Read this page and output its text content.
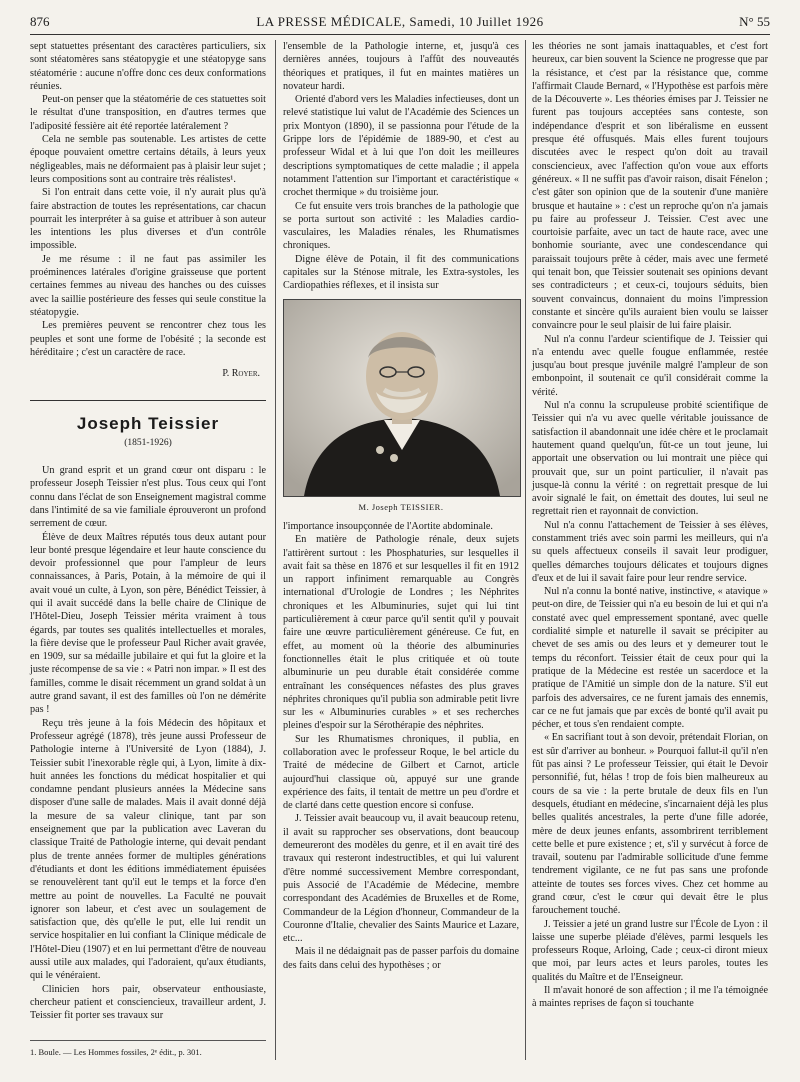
876	LA PRESSE MÉDICALE, Samedi, 10 Juillet 1926	N° 55

sept statuettes présentant des caractères particuliers, six sont stéatomères sans stéatopygie et une stéatopyge sans stéatomérie : aucune n'offre donc ces deux conformations réunies.

Peut-on penser que la stéatomérie de ces statuettes soit le résultat d'une transposition, en d'autres termes que l'adiposité fessière ait été reportée latéralement ?

Cela ne semble pas soutenable. Les artistes de cette époque pouvaient omettre certains détails, à leurs yeux négligeables, mais ne déformaient pas à plaisir leur sujet ; leurs compositions sont au contraire très réalistes¹.

Si l'on entrait dans cette voie, il n'y aurait plus qu'à faire abstraction de toutes les représentations, car chacun pourrait les interpréter à sa guise et attribuer à son auteur les intentions les plus diverses et d'un contrôle impossible.

Je me résume : il ne faut pas assimiler les proéminences latérales d'origine graisseuse que portent certaines femmes au niveau des hanches ou des cuisses avec la saillie postérieure des fesses qui seule constitue la stéatopygie.

Les premières peuvent se rencontrer chez tous les peuples et sont une forme de l'obésité ; la seconde est héréditaire ; c'est un caractère de race.

P. Royer.
Joseph Teissier
(1851-1926)

Un grand esprit et un grand cœur ont disparu : le professeur Joseph Teissier n'est plus. Tous ceux qui l'ont connu dans l'éclat de son Enseignement magistral comme dans l'intimité de sa vie familiale éprouveront un profond serrement de cœur.

Élève de deux Maîtres réputés tous deux autant pour leur bonté presque légendaire et leur haute conscience du devoir professionnel que pour l'ampleur de leurs connaissances, à Paris, Potain, à la mémoire de qui il avait voué un culte, à Lyon, son père, Bénédict Teissier, à qui il avait succédé dans la belle chaire de Clinique de l'Hôtel-Dieu, Joseph Teissier mérita vraiment à tous égards, par toutes ses qualités intellectuelles et morales, la fière devise que le professeur Paul Richer avait gravée, en 1909, sur sa médaille jubilaire et qui fut la gloire et la juste récompense de sa vie : « Patri non impar. » Il est des familles, comme le disait récemment un grand soldat à un autre grand savant, il est des familles où l'on ne démérite pas !

Reçu très jeune à la fois Médecin des hôpitaux et Professeur agrégé (1878), très jeune aussi Professeur de Pathologie interne à l'Université de Lyon (1884), J. Teissier subit l'inexorable règle qui, à Lyon, limite à dix-huit années les fonctions du médicat hospitalier et qui condamne pendant plusieurs années la Médecine sans disposer d'une salle de malades. Mais il avait donné déjà la mesure de sa valeur clinique, tant par son enseignement que par la publication avec Laveran du classique Traité de Pathologie interne, qui devait pendant plus de trente années former de multiples générations d'étudiants et dont les éditions immédiatement épuisées se renouvelèrent tant qu'il eut le temps et la force d'en mettre au point de nouvelles. La Faculté ne pouvait ignorer son labeur, et c'est avec un soulagement de satisfaction que, dès qu'elle le put, elle lui rendit un service hospitalier en lui confiant la Clinique médicale de l'Hôtel-Dieu (1907) et en lui permettant d'être de nouveau aussi utile aux malades, qui l'adoraient, qu'aux étudiants, qui le vénéraient.

Clinicien hors pair, observateur enthousiaste, chercheur patient et consciencieux, travailleur ardent, J. Teissier fit porter ses travaux sur

1. Boule. — Les Hommes fossiles, 2ᵉ édit., p. 301.

l'ensemble de la Pathologie interne, et, jusqu'à ces dernières années, toujours à l'affût des nouveautés théoriques et pratiques, il fut en maintes matières un novateur hardi.

Orienté d'abord vers les Maladies infectieuses, dont un relevé statistique lui valut de l'Académie des Sciences un prix Montyon (1890), il se passionna pour l'étude de la Grippe lors de l'épidémie de 1889-90, et c'est au professeur Widal et à lui que l'on doit les meilleures descriptions symptomatiques de cette maladie ; il appela notamment l'attention sur l'important et caractéristique « crochet thermique » du troisième jour.

Ce fut ensuite vers trois branches de la pathologie que se porta surtout son activité : les Maladies cardio-vasculaires, les Maladies rénales, les Rhumatismes chroniques.

Digne élève de Potain, il fit des communications capitales sur la Sténose mitrale, les Extra-systoles, les Cardiopathies réflexes, et il insista sur

M. Joseph TEISSIER.

l'importance insoupçonnée de l'Aortite abdominale.

En matière de Pathologie rénale, deux sujets l'attirèrent surtout : les Phosphaturies, sur lesquelles il avait fait sa thèse en 1876 et sur lesquelles il fit en 1912 un rapport infiniment remarquable au Congrès international d'Urologie de Londres ; les Néphrites chroniques et les Albuminuries, sujet qui lui tint particulièrement à cœur parce qu'il sentit qu'il y pouvait faire une œuvre particulièrement généreuse. Ce fut, en effet, au moment où la théorie des albuminuries fonctionnelles était le plus critiquée et où toute albuminurie un peu durable était considérée comme entraînant les conséquences néfastes des plus graves néphrites chroniques qu'il publia son admirable petit livre sur les « Albuminuries curables » et ses recherches pleines d'espoir sur la Sérothérapie des néphrites.

Sur les Rhumatismes chroniques, il publia, en collaboration avec le professeur Roque, le bel article du Traité de médecine de Gilbert et Carnot, article aujourd'hui classique où, appuyé sur une grande expérience des faits, il tentait de mettre un peu d'ordre et de clarté dans cette question encore si confuse.

J. Teissier avait beaucoup vu, il avait beaucoup retenu, il avait su rapprocher ses observations, dont beaucoup demeureront des modèles du genre, et il en avait tiré des travaux qui resteront indestructibles, et qui lui valurent d'être nommé successivement Membre correspondant, puis Associé de l'Académie de Médecine, membre correspondant des Académies de Bruxelles et de Rome, Commandeur de la Légion d'honneur, Commandeur de la Couronne d'Italie, chevalier des Saints Maurice et Lazare, etc...

Mais il ne dédaignait pas de passer parfois du domaine des faits dans celui des hypothèses ; or

les théories ne sont jamais inattaquables, et c'est fort heureux, car bien souvent la Science ne progresse que par la résistance, et c'est par la résistance que, comme l'affirmait Claude Bernard, « l'Hypothèse est parfois mère de la Découverte ». Les théories émises par J. Teissier ne furent pas toujours acceptées sans conteste, son indépendance d'esprit et son libéralisme en eussent presque été offusqués. Mais elles furent toujours discutées avec le respect qu'on doit au travail consciencieux, avec l'affection qu'on voue aux efforts généreux. « Il ne suffit pas d'avoir raison, disait Fénelon ; c'est gâter son opinion que de la soutenir d'une manière brusque et hautaine » : c'est un reproche qu'on n'a jamais pu faire au professeur J. Teissier. C'est avec une courtoisie parfaite, avec un tact de haute race, avec une bonhomie souriante, avec une condescendance qui paraissait toujours prête à céder, mais avec une fermeté qui tenait bon, que Teissier soutenait ses opinions devant ses contradicteurs ; et ceux-ci, toujours séduits, bien souvent convaincus, donnaient du moins l'impression constante et sincère qu'ils auraient bien voulu se laisser convaincre pour le seul plaisir de lui faire plaisir.

Nul n'a connu l'ardeur scientifique de J. Teissier qui n'a entendu avec quelle fougue enflammée, restée jusqu'au bout presque juvénile malgré l'ampleur de son embonpoint, il soutenait ce qu'il considérait comme la vérité.

Nul n'a connu la scrupuleuse probité scientifique de Teissier qui n'a vu avec quelle véritable jouissance de satisfaction il abandonnait une idée chère et le proclamait hautement quand quelqu'un, fût-ce un tout jeune, lui apportait une observation ou lui montrait une pièce qui prouvait que, sur un point particulier, il n'avait pas jusque-là connu la vérité : on regrettait presque de lui avoir signalé le fait, on émettait des doutes, lui seul ne regrettait rien et rayonnait de conviction.

Nul n'a connu l'attachement de Teissier à ses élèves, constamment triés avec soin parmi les meilleurs, qui n'a su quels affectueux conseils il savait leur prodiguer, quelles démarches toujours délicates et toujours dignes d'eux et de lui il savait faire pour leur rendre service.

Nul n'a connu la bonté native, instinctive, « atavique » peut-on dire, de Teissier qui n'a eu besoin de lui et qui n'a constaté avec quel empressement spontané, avec quelle cordialité simple et naturelle il savait se précipiter au chevet de ses amis ou des leurs et y demeurer tout le temps du réconfort. Teissier était de ceux pour qui la pratique de la Médecine est restée un sacerdoce et la pratique de l'Amitié un simple don de la nature. S'il eut parfois des adversaires, ce ne furent jamais des ennemis, car ce ne fut jamais que par excès de bonté qu'il avait pu pécher, et tous s'en rendaient compte.

« En sacrifiant tout à son devoir, prétendait Florian, on est sûr d'arriver au bonheur. » Pourquoi fallut-il qu'il n'en fût pas ainsi ? Le professeur Teissier, qui était le Devoir personnifié, fut, hélas ! trop de fois bien malheureux au cours de sa vie : la perte brutale de deux fils en l'un desquels, étudiant en médecine, s'incarnaient déjà les plus belles qualités ancestrales, la perte d'une fille adorée, mère de deux jeunes enfants, assombrirent terriblement cette belle et pure existence ; et, s'il y survécut à force de travail, soutenu par l'admirable sollicitude d'une femme tendrement vigilante, ce ne fut pas sans une profonde atteinte de toutes ses forces vives. Chez cet homme au grand cœur, c'est le cœur qui devait être le plus farouchement touché.

J. Teissier a jeté un grand lustre sur l'École de Lyon : il laisse une superbe pléiade d'élèves, parmi lesquels les professeurs Roque, Arloing, Cade ; ceux-ci diront mieux que moi, par leurs actes et leurs paroles, toutes les qualités du Maître et de l'Enseigneur.

Il m'avait honoré de son affection ; il me l'a témoignée à maintes reprises de façon si touchante
